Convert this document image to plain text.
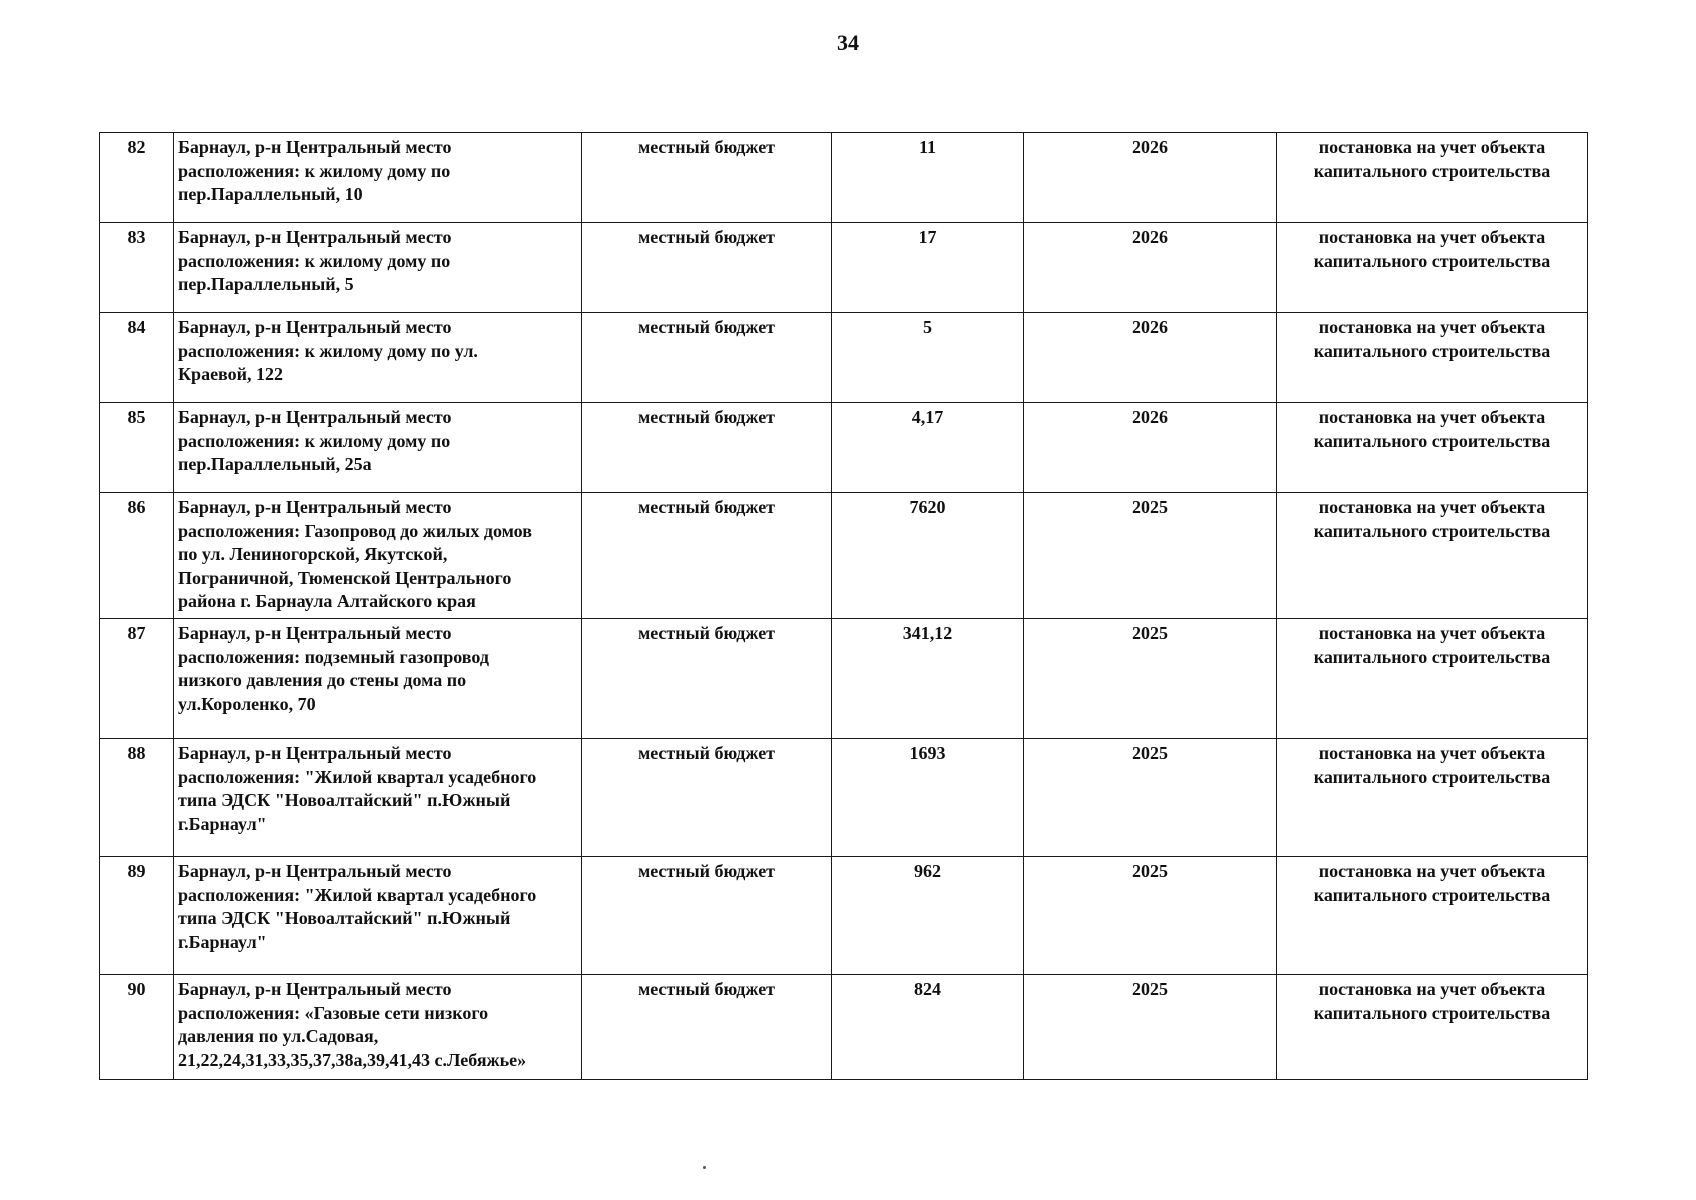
34
82	Барнаул, р-н Центральный место
расположения: к жилому дому по
пер.Параллельный, 10	местный бюджет	11	2026	постановка на учет объекта капитального строительства
83	Барнаул, р-н Центральный место
расположения: к жилому дому по
пер.Параллельный, 5	местный бюджет	17	2026	постановка на учет объекта капитального строительства
84	Барнаул, р-н Центральный место
расположения: к жилому дому по ул.
Краевой, 122	местный бюджет	5	2026	постановка на учет объекта капитального строительства
85	Барнаул, р-н Центральный место
расположения: к жилому дому по
пер.Параллельный, 25а	местный бюджет	4,17	2026	постановка на учет объекта капитального строительства
86	Барнаул, р-н Центральный место
расположения: Газопровод до жилых домов
по ул. Лениногорской, Якутской,
Пограничной, Тюменской Центрального
района г. Барнаула Алтайского края	местный бюджет	7620	2025	постановка на учет объекта капитального строительства
87	Барнаул, р-н Центральный место
расположения: подземный газопровод
низкого давления до стены дома по
ул.Короленко, 70	местный бюджет	341,12	2025	постановка на учет объекта капитального строительства
88	Барнаул, р-н Центральный место
расположения: "Жилой квартал усадебного
типа ЭДСК "Новоалтайский" п.Южный
г.Барнаул"	местный бюджет	1693	2025	постановка на учет объекта капитального строительства
89	Барнаул, р-н Центральный место
расположения: "Жилой квартал усадебного
типа ЭДСК "Новоалтайский" п.Южный
г.Барнаул"	местный бюджет	962	2025	постановка на учет объекта капитального строительства
90	Барнаул, р-н Центральный место
расположения: «Газовые сети низкого
давления по ул.Садовая,
21,22,24,31,33,35,37,38а,39,41,43 с.Лебяжье»	местный бюджет	824	2025	постановка на учет объекта капитального строительства
